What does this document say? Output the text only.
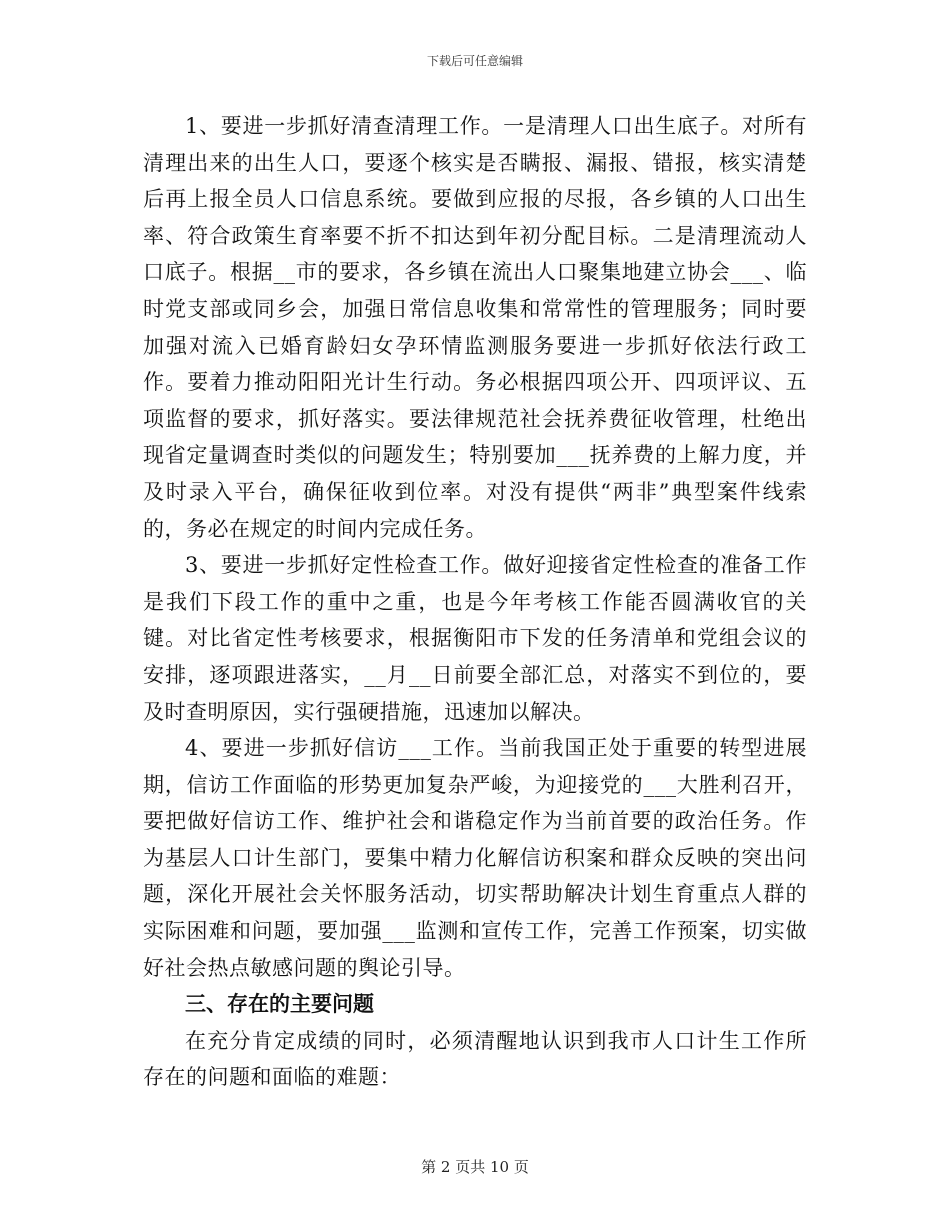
下载后可任意编辑

1、要进一步抓好清查清理工作。一是清理人口出生底子。对所有清理出来的出生人口，要逐个核实是否瞒报、漏报、错报，核实清楚后再上报全员人口信息系统。要做到应报的尽报，各乡镇的人口出生率、符合政策生育率要不折不扣达到年初分配目标。二是清理流动人口底子。根据__市的要求，各乡镇在流出人口聚集地建立协会___、临时党支部或同乡会，加强日常信息收集和常常性的管理服务；同时要加强对流入已婚育龄妇女孕环情监测服务要进一步抓好依法行政工作。要着力推动阳阳光计生行动。务必根据四项公开、四项评议、五项监督的要求，抓好落实。要法律规范社会抚养费征收管理，杜绝出现省定量调查时类似的问题发生；特别要加___抚养费的上解力度，并及时录入平台，确保征收到位率。对没有提供“两非”典型案件线索的，务必在规定的时间内完成任务。

3、要进一步抓好定性检查工作。做好迎接省定性检查的准备工作是我们下段工作的重中之重，也是今年考核工作能否圆满收官的关键。对比省定性考核要求，根据衡阳市下发的任务清单和党组会议的安排，逐项跟进落实，__月__日前要全部汇总，对落实不到位的，要及时查明原因，实行强硬措施，迅速加以解决。

4、要进一步抓好信访___工作。当前我国正处于重要的转型进展期，信访工作面临的形势更加复杂严峻，为迎接党的___大胜利召开，要把做好信访工作、维护社会和谐稳定作为当前首要的政治任务。作为基层人口计生部门，要集中精力化解信访积案和群众反映的突出问题，深化开展社会关怀服务活动，切实帮助解决计划生育重点人群的实际困难和问题，要加强___监测和宣传工作，完善工作预案，切实做好社会热点敏感问题的舆论引导。

三、存在的主要问题

在充分肯定成绩的同时，必须清醒地认识到我市人口计生工作所存在的问题和面临的难题：

第 2 页共 10 页
